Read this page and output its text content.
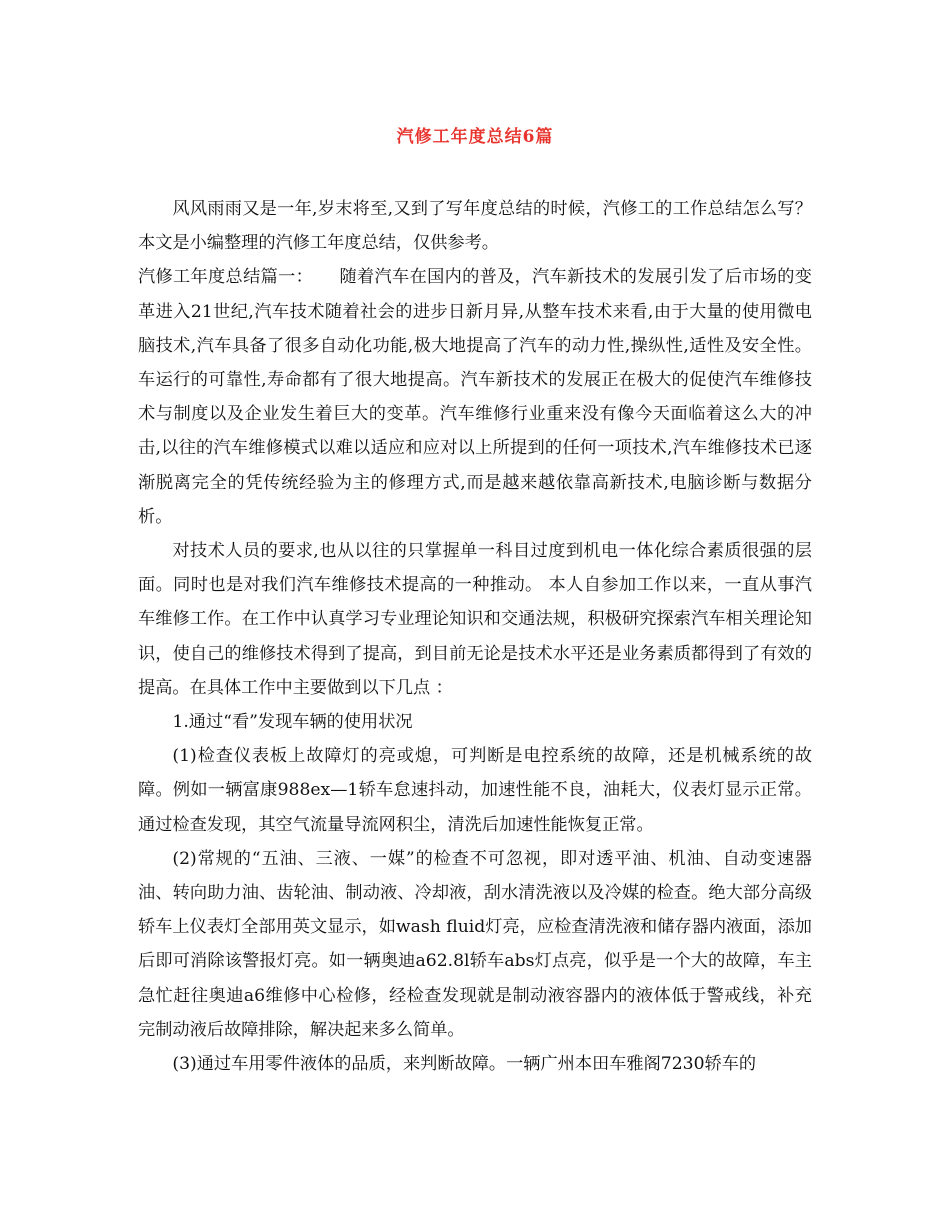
汽修工年度总结6篇

风风雨雨又是一年,岁末将至,又到了写年度总结的时候，汽修工的工作总结怎么写？本文是小编整理的汽修工年度总结，仅供参考。

汽修工年度总结篇一：　　随着汽车在国内的普及，汽车新技术的发展引发了后市场的变革进入21世纪,汽车技术随着社会的进步日新月异,从整车技术来看,由于大量的使用微电脑技术,汽车具备了很多自动化功能,极大地提高了汽车的动力性,操纵性,适性及安全性。车运行的可靠性,寿命都有了很大地提高。汽车新技术的发展正在极大的促使汽车维修技术与制度以及企业发生着巨大的变革。汽车维修行业重来没有像今天面临着这么大的冲击,以往的汽车维修模式以难以适应和应对以上所提到的任何一项技术,汽车维修技术已逐渐脱离完全的凭传统经验为主的修理方式,而是越来越依靠高新技术,电脑诊断与数据分析。

对技术人员的要求,也从以往的只掌握单一科目过度到机电一体化综合素质很强的层面。同时也是对我们汽车维修技术提高的一种推动。 本人自参加工作以来，一直从事汽车维修工作。在工作中认真学习专业理论知识和交通法规，积极研究探索汽车相关理论知识，使自己的维修技术得到了提高，到目前无论是技术水平还是业务素质都得到了有效的提高。在具体工作中主要做到以下几点 ：

1.通过“看”发现车辆的使用状况

(1)检查仪表板上故障灯的亮或熄，可判断是电控系统的故障，还是机械系统的故障。例如一辆富康988ex—1轿车怠速抖动，加速性能不良，油耗大，仪表灯显示正常。通过检查发现，其空气流量导流网积尘，清洗后加速性能恢复正常。

(2)常规的“五油、三液、一媒”的检查不可忽视，即对透平油、机油、自动变速器油、转向助力油、齿轮油、制动液、冷却液，刮水清洗液以及冷媒的检查。绝大部分高级轿车上仪表灯全部用英文显示，如wash fluid灯亮，应检查清洗液和储存器内液面，添加后即可消除该警报灯亮。如一辆奥迪a62.8l轿车abs灯点亮，似乎是一个大的故障，车主急忙赶往奥迪a6维修中心检修，经检查发现就是制动液容器内的液体低于警戒线，补充完制动液后故障排除，解决起来多么简单。

(3)通过车用零件液体的品质，来判断故障。一辆广州本田车雅阁7230轿车的
